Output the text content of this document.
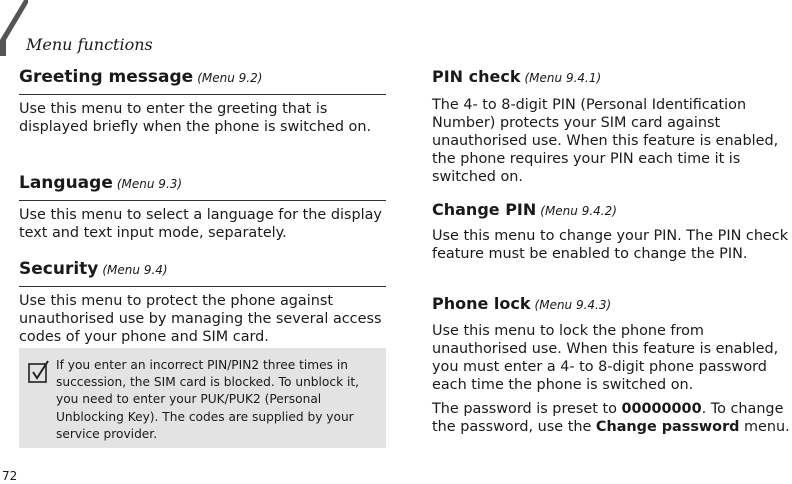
Menu functions
Greeting message (Menu 9.2)
Use this menu to enter the greeting that is displayed briefly when the phone is switched on.
Language (Menu 9.3)
Use this menu to select a language for the display text and text input mode, separately.
Security (Menu 9.4)
Use this menu to protect the phone against unauthorised use by managing the several access codes of your phone and SIM card.
If you enter an incorrect PIN/PIN2 three times in succession, the SIM card is blocked. To unblock it, you need to enter your PUK/PUK2 (Personal Unblocking Key). The codes are supplied by your service provider.
PIN check (Menu 9.4.1)
The 4- to 8-digit PIN (Personal Identification Number) protects your SIM card against unauthorised use. When this feature is enabled, the phone requires your PIN each time it is switched on.
Change PIN (Menu 9.4.2)
Use this menu to change your PIN. The PIN check feature must be enabled to change the PIN.
Phone lock (Menu 9.4.3)
Use this menu to lock the phone from unauthorised use. When this feature is enabled, you must enter a 4- to 8-digit phone password each time the phone is switched on.
The password is preset to 00000000. To change the password, use the Change password menu.
72
